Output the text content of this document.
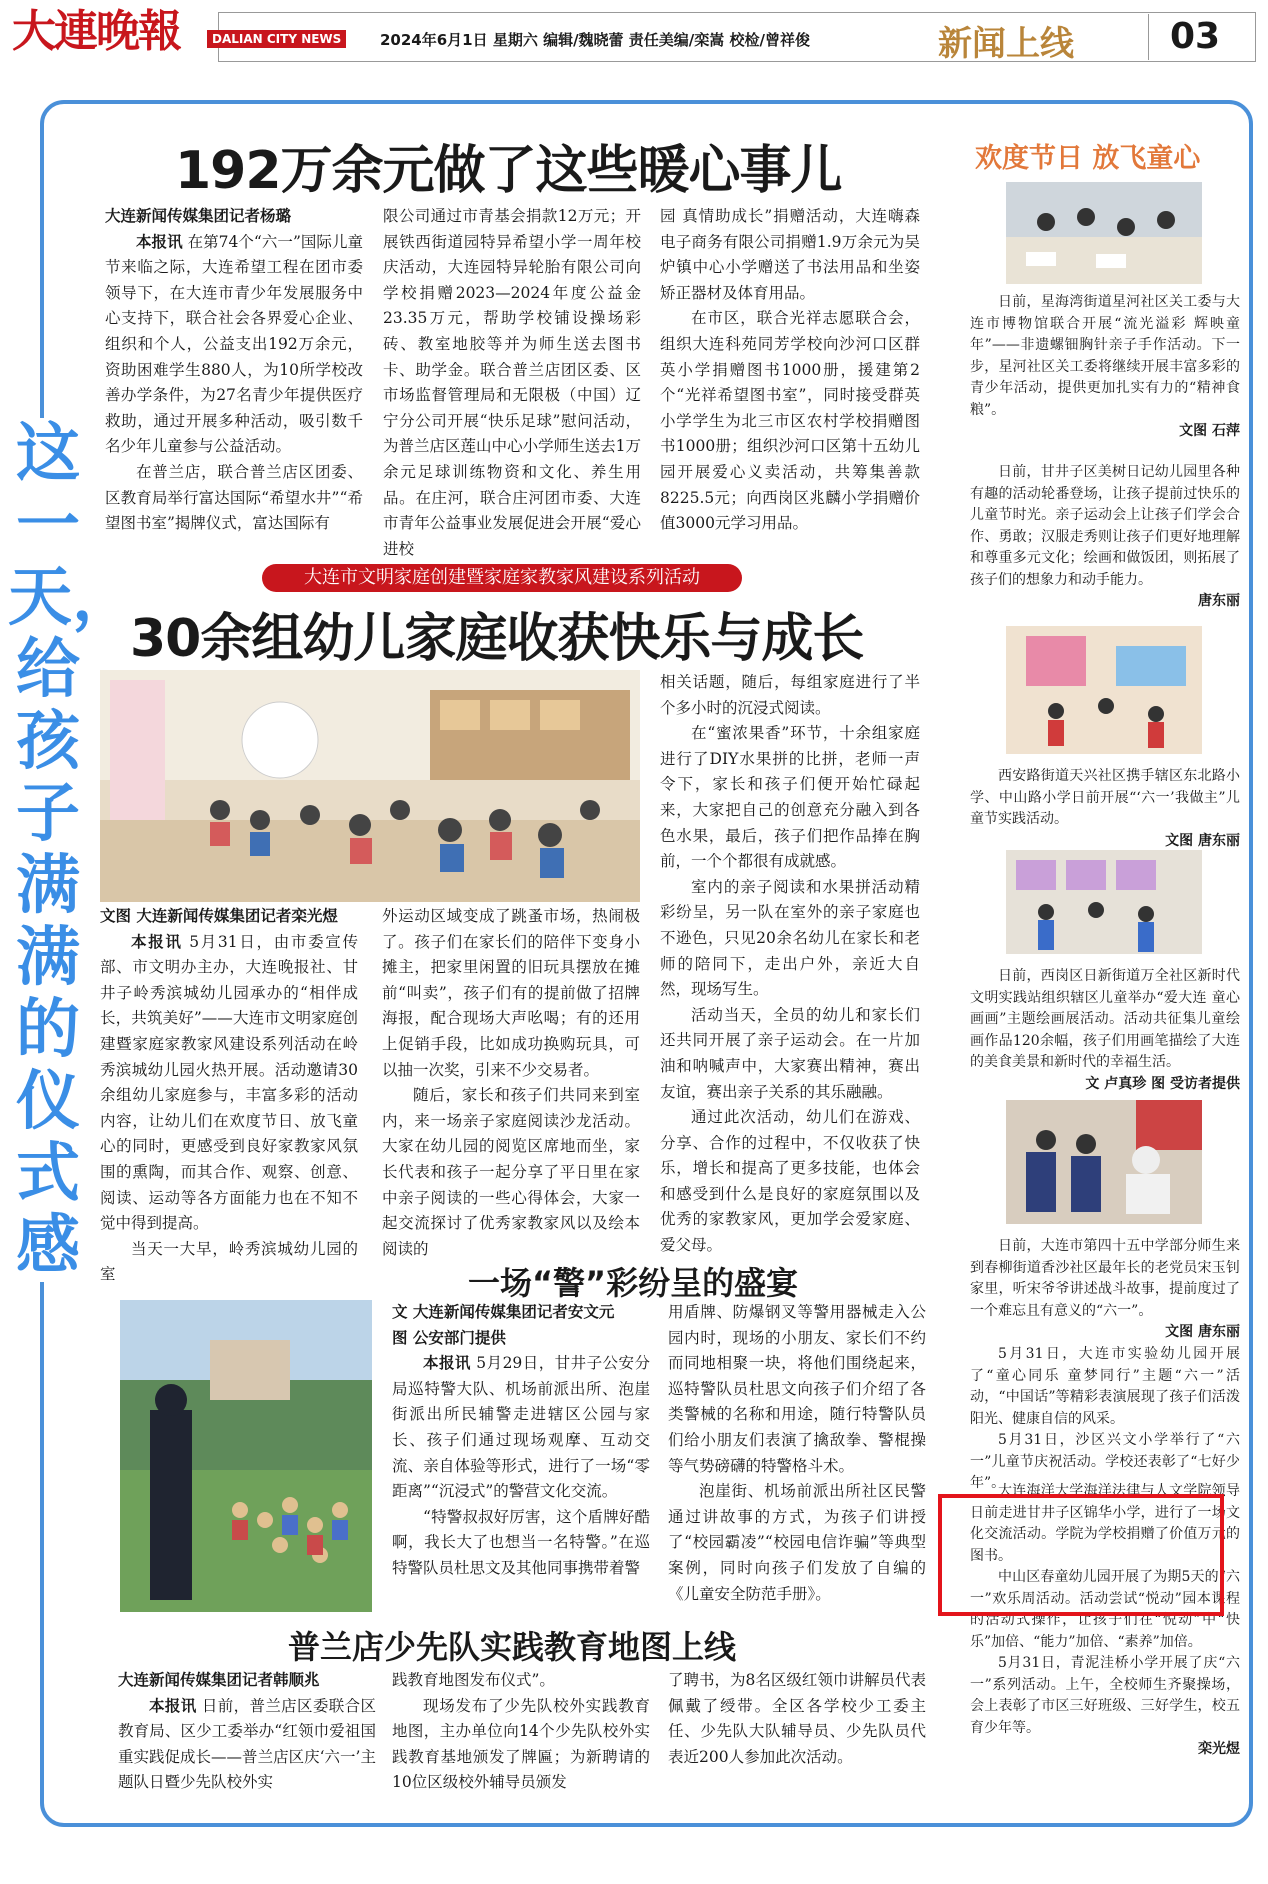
大連晚報	DALIAN CITY NEWS	2024年6月1日 星期六 编辑/魏晓蕾 责任美编/栾嵩 校检/曾祥俊	新闻上线	03
这一天，给孩子满满的仪式感
192万余元做了这些暖心事儿

大连新闻传媒集团记者杨璐

本报讯 在第74个“六一”国际儿童节来临之际，大连希望工程在团市委领导下，在大连市青少年发展服务中心支持下，联合社会各界爱心企业、组织和个人，公益支出192万余元，资助困难学生880人，为10所学校改善办学条件，为27名青少年提供医疗救助，通过开展多种活动，吸引数千名少年儿童参与公益活动。

在普兰店，联合普兰店区团委、区教育局举行富达国际“希望水井”“希望图书室”揭牌仪式，富达国际有

限公司通过市青基会捐款12万元；开展铁西街道园特异希望小学一周年校庆活动，大连园特异轮胎有限公司向学校捐赠2023—2024年度公益金23.35万元，帮助学校铺设操场彩砖、教室地胶等并为师生送去图书卡、助学金。联合普兰店团区委、区市场监督管理局和无限极（中国）辽宁分公司开展“快乐足球”慰问活动，为普兰店区莲山中心小学师生送去1万余元足球训练物资和文化、养生用品。在庄河，联合庄河团市委、大连市青年公益事业发展促进会开展“爱心进校

园 真情助成长”捐赠活动，大连嗨森电子商务有限公司捐赠1.9万余元为吴炉镇中心小学赠送了书法用品和坐姿矫正器材及体育用品。

在市区，联合光祥志愿联合会，组织大连科苑同芳学校向沙河口区群英小学捐赠图书1000册，援建第2个“光祥希望图书室”，同时接受群英小学学生为北三市区农村学校捐赠图书1000册；组织沙河口区第十五幼儿园开展爱心义卖活动，共筹集善款8225.5元；向西岗区兆麟小学捐赠价值3000元学习用品。

大连市文明家庭创建暨家庭家教家风建设系列活动
30余组幼儿家庭收获快乐与成长

文图 大连新闻传媒集团记者栾光煜

本报讯 5月31日，由市委宣传部、市文明办主办，大连晚报社、甘井子岭秀滨城幼儿园承办的“相伴成长，共筑美好”——大连市文明家庭创建暨家庭家教家风建设系列活动在岭秀滨城幼儿园火热开展。活动邀请30余组幼儿家庭参与，丰富多彩的活动内容，让幼儿们在欢度节日、放飞童心的同时，更感受到良好家教家风氛围的熏陶，而其合作、观察、创意、阅读、运动等各方面能力也在不知不觉中得到提高。

当天一大早，岭秀滨城幼儿园的室

外运动区域变成了跳蚤市场，热闹极了。孩子们在家长们的陪伴下变身小摊主，把家里闲置的旧玩具摆放在摊前“叫卖”，孩子们有的提前做了招牌海报，配合现场大声吆喝；有的还用上促销手段，比如成功换购玩具，可以抽一次奖，引来不少交易者。

随后，家长和孩子们共同来到室内，来一场亲子家庭阅读沙龙活动。大家在幼儿园的阅览区席地而坐，家长代表和孩子一起分享了平日里在家中亲子阅读的一些心得体会，大家一起交流探讨了优秀家教家风以及绘本阅读的

相关话题，随后，每组家庭进行了半个多小时的沉浸式阅读。

在“蜜浓果香”环节，十余组家庭进行了DIY水果拼的比拼，老师一声令下，家长和孩子们便开始忙碌起来，大家把自己的创意充分融入到各色水果，最后，孩子们把作品捧在胸前，一个个都很有成就感。

室内的亲子阅读和水果拼活动精彩纷呈，另一队在室外的亲子家庭也不逊色，只见20余名幼儿在家长和老师的陪同下，走出户外，亲近大自然，现场写生。

活动当天，全员的幼儿和家长们还共同开展了亲子运动会。在一片加油和呐喊声中，大家赛出精神，赛出友谊，赛出亲子关系的其乐融融。

通过此次活动，幼儿们在游戏、分享、合作的过程中，不仅收获了快乐，增长和提高了更多技能，也体会和感受到什么是良好的家庭氛围以及优秀的家教家风，更加学会爱家庭、爱父母。

一场“警”彩纷呈的盛宴

文 大连新闻传媒集团记者安文元

图 公安部门提供

本报讯 5月29日，甘井子公安分局巡特警大队、机场前派出所、泡崖街派出所民辅警走进辖区公园与家长、孩子们通过现场观摩、互动交流、亲自体验等形式，进行了一场“零距离”“沉浸式”的警营文化交流。

“特警叔叔好厉害，这个盾牌好酷啊，我长大了也想当一名特警。”在巡特警队员杜思文及其他同事携带着警

用盾牌、防爆钢叉等警用器械走入公园内时，现场的小朋友、家长们不约而同地相聚一块，将他们围绕起来，巡特警队员杜思文向孩子们介绍了各类警械的名称和用途，随行特警队员们给小朋友们表演了擒敌拳、警棍操等气势磅礴的特警格斗术。

泡崖街、机场前派出所社区民警通过讲故事的方式，为孩子们讲授了“校园霸凌”“校园电信诈骗”等典型案例，同时向孩子们发放了自编的《儿童安全防范手册》。

普兰店少先队实践教育地图上线

大连新闻传媒集团记者韩顺兆

本报讯 日前，普兰店区委联合区教育局、区少工委举办“红领巾爱祖国 重实践促成长——普兰店区庆‘六一’主题队日暨少先队校外实

践教育地图发布仪式”。

现场发布了少先队校外实践教育地图，主办单位向14个少先队校外实践教育基地颁发了牌匾；为新聘请的10位区级校外辅导员颁发

了聘书，为8名区级红领巾讲解员代表佩戴了绶带。全区各学校少工委主任、少先队大队辅导员、少先队员代表近200人参加此次活动。

欢度节日 放飞童心

日前，星海湾街道星河社区关工委与大连市博物馆联合开展“流光溢彩 辉映童年”——非遗螺钿胸针亲子手作活动。下一步，星河社区关工委将继续开展丰富多彩的青少年活动，提供更加扎实有力的“精神食粮”。

文图 石萍

日前，甘井子区美树日记幼儿园里各种有趣的活动轮番登场，让孩子提前过快乐的儿童节时光。亲子运动会上让孩子们学会合作、勇敢；汉服走秀则让孩子们更好地理解和尊重多元文化；绘画和做饭团，则拓展了孩子们的想象力和动手能力。

唐东丽

西安路街道天兴社区携手辖区东北路小学、中山路小学日前开展“‘六一’我做主”儿童节实践活动。

文图 唐东丽

日前，西岗区日新街道万全社区新时代文明实践站组织辖区儿童举办“爱大连 童心画画”主题绘画展活动。活动共征集儿童绘画作品120余幅，孩子们用画笔描绘了大连的美食美景和新时代的幸福生活。

文 卢真珍 图 受访者提供

日前，大连市第四十五中学部分师生来到春柳街道香沙社区最年长的老党员宋玉钊家里，听宋爷爷讲述战斗故事，提前度过了一个难忘且有意义的“六一”。

文图 唐东丽

5月31日，大连市实验幼儿园开展了“童心同乐 童梦同行”主题“六一”活动，“中国话”等精彩表演展现了孩子们活泼阳光、健康自信的风采。

5月31日，沙区兴文小学举行了“六一”儿童节庆祝活动。学校还表彰了“七好少年”。

大连海洋大学海洋法律与人文学院领导日前走进甘井子区锦华小学，进行了一场文化交流活动。学院为学校捐赠了价值万元的图书。

中山区春童幼儿园开展了为期5天的“六一”欢乐周活动。活动尝试“悦动”园本课程的活动式操作，让孩子们在“悦动”中“快乐”加倍、“能力”加倍、“素养”加倍。

5月31日，青泥洼桥小学开展了庆“六一”系列活动。上午，全校师生齐聚操场，会上表彰了市区三好班级、三好学生，校五育少年等。

栾光煜
